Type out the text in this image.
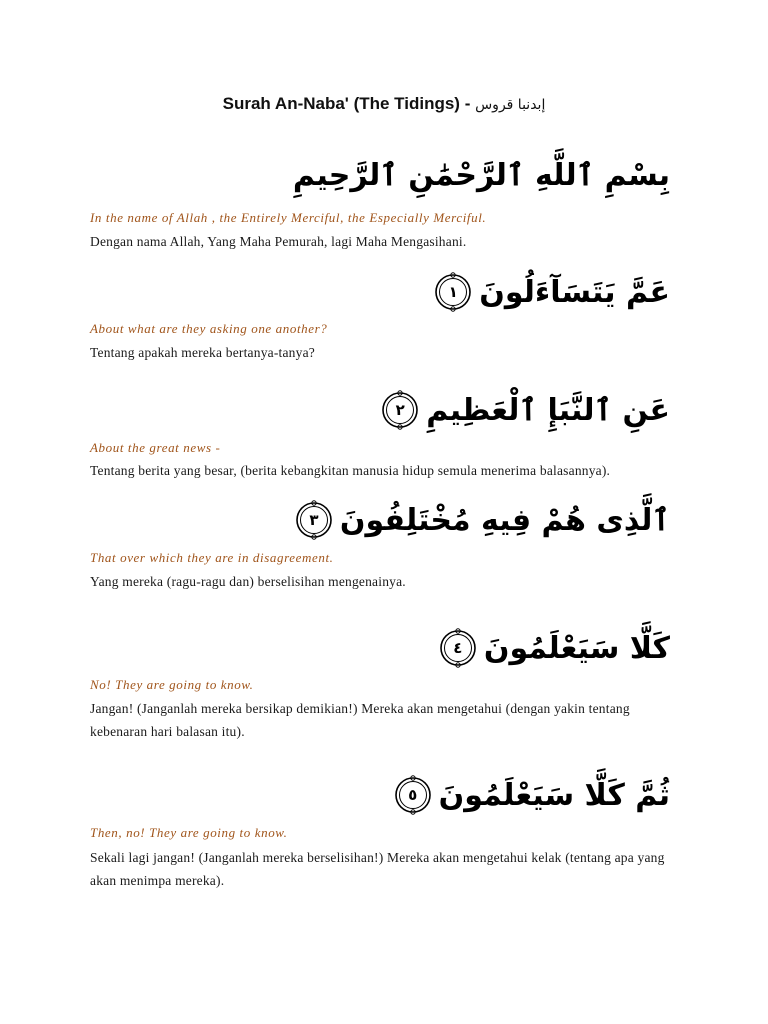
Surah An-Naba' (The Tidings) - إبدنبا قروس
بِسْمِ ٱللَّهِ ٱلرَّحْمَٰنِ ٱلرَّحِيمِ
In the name of Allah , the Entirely Merciful, the Especially Merciful.
Dengan nama Allah, Yang Maha Pemurah, lagi Maha Mengasihani.
عَمَّ يَتَسَآءَلُونَ
١
About what are they asking one another?
Tentang apakah mereka bertanya-tanya?
عَنِ ٱلنَّبَإِ ٱلْعَظِيمِ
٢
About the great news -
Tentang berita yang besar, (berita kebangkitan manusia hidup semula menerima balasannya).
ٱلَّذِى هُمْ فِيهِ مُخْتَلِفُونَ
٣
That over which they are in disagreement.
Yang mereka (ragu-ragu dan) berselisihan mengenainya.
كَلَّا سَيَعْلَمُونَ
٤
No! They are going to know.
Jangan! (Janganlah mereka bersikap demikian!) Mereka akan mengetahui (dengan yakin tentang kebenaran hari balasan itu).
ثُمَّ كَلَّا سَيَعْلَمُونَ
٥
Then, no! They are going to know.
Sekali lagi jangan! (Janganlah mereka berselisihan!) Mereka akan mengetahui kelak (tentang apa yang akan menimpa mereka).
